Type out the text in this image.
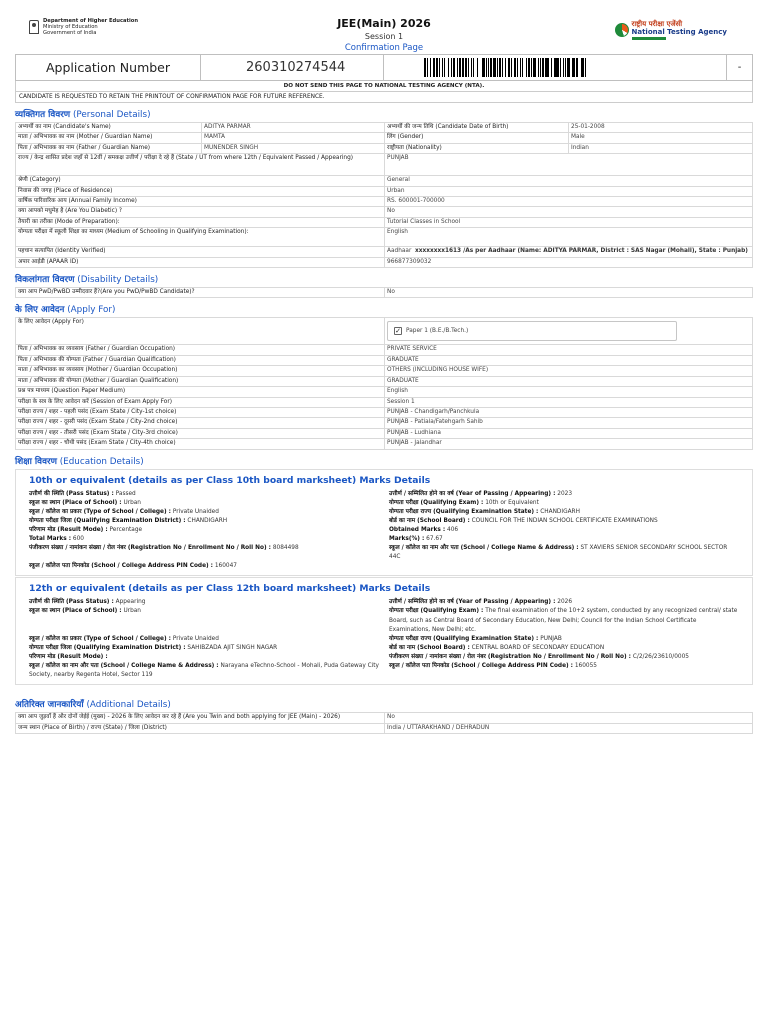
Department of Higher Education
Ministry of Education
Government of India
JEE(Main) 2026
Session 1
Confirmation Page
राष्ट्रीय परीक्षा एजेंसी
National Testing Agency
Application Number	260310274544	-
DO NOT SEND THIS PAGE TO NATIONAL TESTING AGENCY (NTA).
CANDIDATE IS REQUESTED TO RETAIN THE PRINTOUT OF CONFIRMATION PAGE FOR FUTURE REFERENCE.
व्यक्तिगत विवरण (Personal Details)
अभ्यर्थी का नाम (Candidate's Name)	ADITYA PARMAR	अभ्यर्थी की जन्म तिथि (Candidate Date of Birth)	25-01-2008
माता / अभिभावक का नाम (Mother / Guardian Name)	MAMTA	लिंग (Gender)	Male
पिता / अभिभावक का नाम (Father / Guardian Name)	MUNENDER SINGH	राष्ट्रीयता (Nationality)	Indian
राज्य / केन्द्र शासित प्रदेश जहाँ से 12वीं / समकक्ष उत्तीर्ण / परीक्षा दे रहे हैं (State / UT from where 12th / Equivalent Passed / Appearing)		PUNJAB	
श्रेणी (Category)		General	
निवास की जगह (Place of Residence)		Urban	
वार्षिक पारिवारिक आय (Annual Family Income)		RS. 600001-700000	
क्या आपको मधुमेह है (Are You Diabetic) ?		No	
तैयारी का तरीका (Mode of Preparation):		Tutorial Classes in School	
योग्यता परीक्षा में स्कूली शिक्षा का माध्यम (Medium of Schooling in Qualifying Examination):		English	
पहचान सत्यापित (Identity Verified)		Aadhaar xxxxxxxx1613 /As per Aadhaar (Name: ADITYA PARMAR, District : SAS Nagar (Mohali), State : Punjab)	
अपार आईडी (APAAR ID)		966877309032	
विकलांगता विवरण (Disability Details)
क्या आप PwD/PwBD उम्मीदवार हैं?(Are you PwD/PwBD Candidate)?	No
के लिए आवेदन (Apply For)
के लिए आवेदन (Apply For)	✓ Paper 1 (B.E./B.Tech.)

पिता / अभिभावक का व्यवसाय (Father / Guardian Occupation)	PRIVATE SERVICE
पिता / अभिभावक की योग्यता (Father / Guardian Qualification)	GRADUATE
माता / अभिभावक का व्यवसाय (Mother / Guardian Occupation)	OTHERS (INCLUDING HOUSE WIFE)
माता / अभिभावक की योग्यता (Mother / Guardian Qualification)	GRADUATE
प्रश्न पत्र माध्यम (Question Paper Medium)	English
परीक्षा के सत्र के लिए आवेदन करें (Session of Exam Apply For)	Session 1
परीक्षा राज्य / शहर - पहली पसंद (Exam State / City-1st choice)	PUNJAB - Chandigarh/Panchkula
परीक्षा राज्य / शहर - दूसरी पसंद (Exam State / City-2nd choice)	PUNJAB - Patiala/Fatehgarh Sahib
परीक्षा राज्य / शहर - तीसरी पसंद (Exam State / City-3rd choice)	PUNJAB - Ludhiana
परीक्षा राज्य / शहर - चौथी पसंद (Exam State / City-4th choice)	PUNJAB - Jalandhar
शिक्षा विवरण (Education Details)
10th or equivalent (details as per Class 10th board marksheet) Marks Details
उत्तीर्ण की स्थिति (Pass Status) : Passed
स्कूल का स्थान (Place of School) : Urban
स्कूल / कॉलेज का प्रकार (Type of School / College) : Private Unaided
योग्यता परीक्षा जिला (Qualifying Examination District) : CHANDIGARH
परिणाम मोड (Result Mode) : Percentage
Total Marks : 600
पंजीकरण संख्या / नामांकन संख्या / रोल नंबर (Registration No / Enrollment No / Roll No) : 8084498

स्कूल / कॉलेज पता पिनकोड (School / College Address PIN Code) : 160047
उत्तीर्ण / सम्मिलित होने का वर्ष (Year of Passing / Appearing) : 2023
योग्यता परीक्षा (Qualifying Exam) : 10th or Equivalent
योग्यता परीक्षा राज्य (Qualifying Examination State) : CHANDIGARH
बोर्ड का नाम (School Board) : COUNCIL FOR THE INDIAN SCHOOL CERTIFICATE EXAMINATIONS
Obtained Marks : 406
Marks(%) : 67.67
स्कूल / कॉलेज का नाम और पता (School / College Name & Address) : ST XAVIERS SENIOR SECONDARY SCHOOL SECTOR 44C
12th or equivalent (details as per Class 12th board marksheet) Marks Details
उत्तीर्ण की स्थिति (Pass Status) : Appearing
स्कूल का स्थान (Place of School) : Urban

स्कूल / कॉलेज का प्रकार (Type of School / College) : Private Unaided
योग्यता परीक्षा जिला (Qualifying Examination District) : SAHIBZADA AJIT SINGH NAGAR
परिणाम मोड (Result Mode) :
स्कूल / कॉलेज का नाम और पता (School / College Name & Address) : Narayana eTechno-School - Mohali, Puda Gateway City Society, nearby Regenta Hotel, Sector 119
उत्तीर्ण / सम्मिलित होने का वर्ष (Year of Passing / Appearing) : 2026
योग्यता परीक्षा (Qualifying Exam) : The final examination of the 10+2 system, conducted by any recognized central/ state Board, such as Central Board of Secondary Education, New Delhi; Council for the Indian School Certificate Examinations, New Delhi; etc.
योग्यता परीक्षा राज्य (Qualifying Examination State) : PUNJAB
बोर्ड का नाम (School Board) : CENTRAL BOARD OF SECONDARY EDUCATION
पंजीकरण संख्या / नामांकन संख्या / रोल नंबर (Registration No / Enrollment No / Roll No) : C/2/26/23610/0005
स्कूल / कॉलेज पता पिनकोड (School / College Address PIN Code) : 160055
अतिरिक्त जानकारियाँ (Additional Details)
क्या आप जुड़वाँ हैं और दोनों जेईई (मुख्य) - 2026 के लिए आवेदन कर रहे हैं (Are you Twin and both applying for JEE (Main) - 2026)	No
जन्म स्थान (Place of Birth) / राज्य (State) / जिला (District)	India / UTTARAKHAND / DEHRADUN
